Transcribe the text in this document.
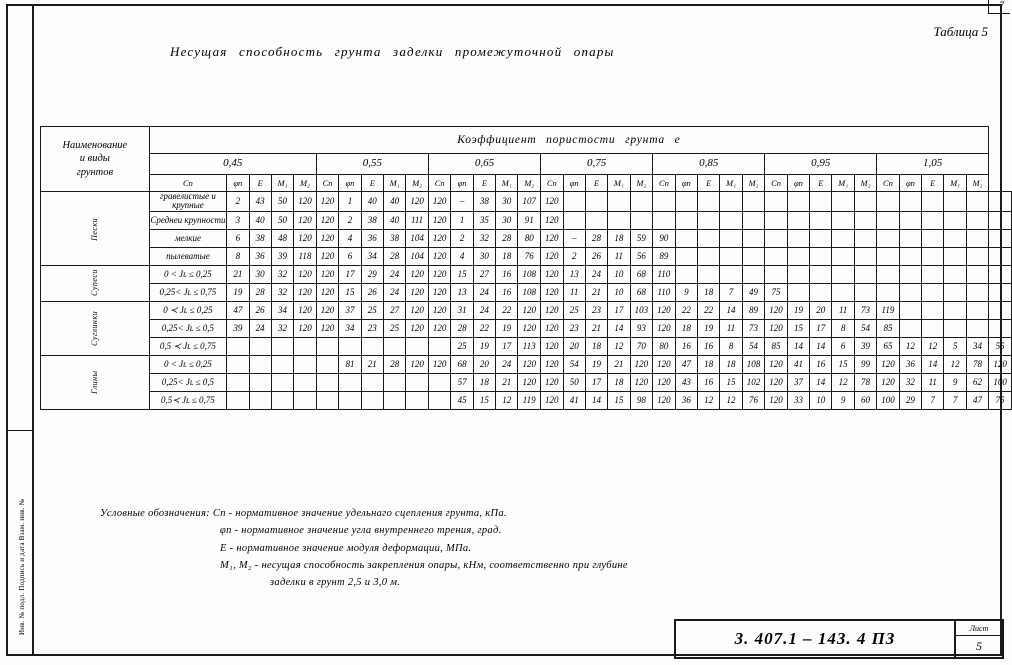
7
Инв. № подл. Подпись и дата Взам. инв. №
Таблица 5
Несущая способность грунта заделки промежуточной опары
Наименование
и виды
грунтов	Коэффициент пористости грунта e																																			
	0,45					0,55					0,65					0,75					0,85					0,95					1,05					
	Cn	φn	E	M₁	M₂	Cn	φn	E	M₁	M₂	Cn	φn	E	M₁	M₂	Cn	φn	E	M₁	M₂	Cn	φn	E	M₁	M₂	Cn	φn	E	M₁	M₂	Cn	φn	E	M₁	M₂	
Пески	гравелистые и крупные	2	43	50	120	120	1	40	40	120	120	–	38	30	107	120																				
	Среднеи крупности	3	40	50	120	120	2	38	40	111	120	1	35	30	91	120																				
	мелкие	6	38	48	120	120	4	36	38	104	120	2	32	28	80	120	–	28	18	59	90															
	пылеватые	8	36	39	118	120	6	34	28	104	120	4	30	18	76	120	2	26	11	56	89															
Супеси	0 < Jʟ ≤ 0,25	21	30	32	120	120	17	29	24	120	120	15	27	16	108	120	13	24	10	68	110															
	0,25< Jʟ ≤ 0,75	19	28	32	120	120	15	26	24	120	120	13	24	16	108	120	11	21	10	68	110	9	18	7	49	75										
Суглинки	0 ≺ Jʟ ≤ 0,25	47	26	34	120	120	37	25	27	120	120	31	24	22	120	120	25	23	17	103	120	22	22	14	89	120	19	20	11	73	119					
	0,25< Jʟ ≤ 0,5	39	24	32	120	120	34	23	25	120	120	28	22	19	120	120	23	21	14	93	120	18	19	11	73	120	15	17	8	54	85					
	0,5 ≺ Jʟ ≤ 0,75											25	19	17	113	120	20	18	12	70	80	16	16	8	54	85	14	14	6	39	65	12	12	5	34	55
Глины	0 < Jʟ ≤ 0,25						81	21	28	120	120	68	20	24	120	120	54	19	21	120	120	47	18	18	108	120	41	16	15	99	120	36	14	12	78	120
	0,25< Jʟ ≤ 0,5											57	18	21	120	120	50	17	18	120	120	43	16	15	102	120	37	14	12	78	120	32	11	9	62	100
	0,5≺ Jʟ ≤ 0,75											45	15	12	119	120	41	14	15	98	120	36	12	12	76	120	33	10	9	60	100	29	7	7	47	75
Условные обозначения: Cn - нормативное значение удельнаго сцепления грунта, кПа.
φn - нормативное значение угла внутреннего трения, град.
E - нормативное значение модуля деформации, МПа.
М₁, М₂ - несущая способность закрепления опары, кНм, соответственно при глубине
заделки в грунт 2,5 и 3,0 м.
3. 407.1 – 143. 4 ПЗ
Лист
5
